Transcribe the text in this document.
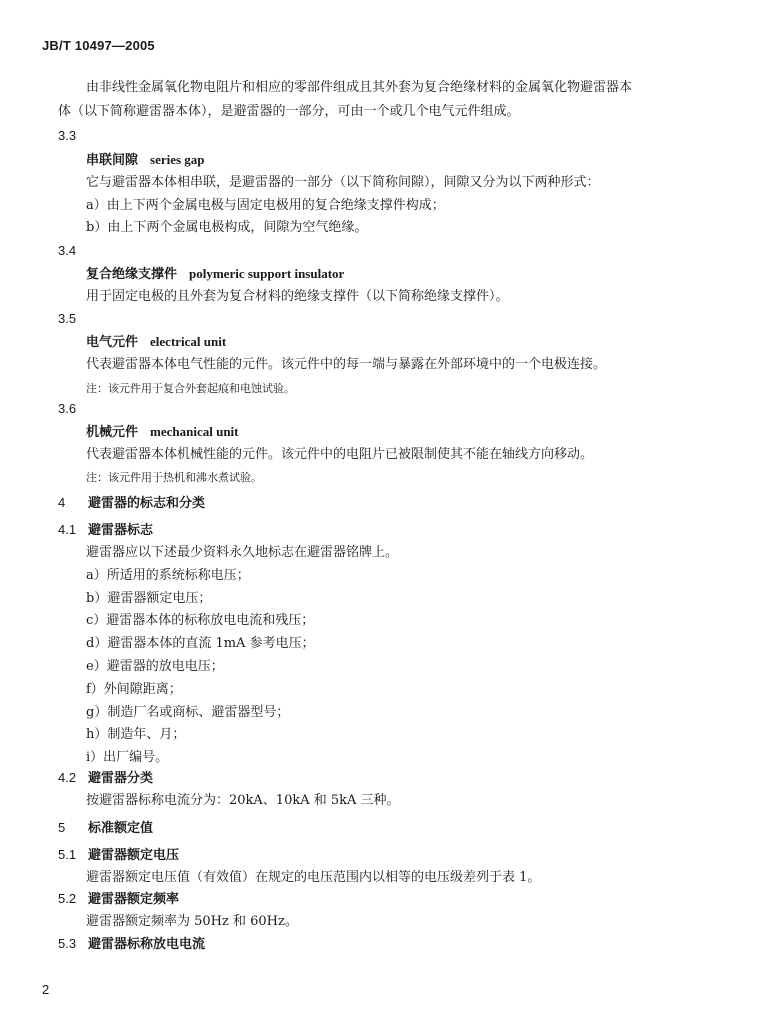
JB/T 10497—2005
由非线性金属氧化物电阻片和相应的零部件组成且其外套为复合绝缘材料的金属氧化物避雷器本
体（以下简称避雷器本体），是避雷器的一部分，可由一个或几个电气元件组成。
3.3
串联间隙 series gap
它与避雷器本体相串联，是避雷器的一部分（以下简称间隙），间隙又分为以下两种形式：
a）由上下两个金属电极与固定电极用的复合绝缘支撑件构成；
b）由上下两个金属电极构成，间隙为空气绝缘。
3.4
复合绝缘支撑件 polymeric support insulator
用于固定电极的且外套为复合材料的绝缘支撑件（以下简称绝缘支撑件）。
3.5
电气元件 electrical unit
代表避雷器本体电气性能的元件。该元件中的每一端与暴露在外部环境中的一个电极连接。
注：该元件用于复合外套起痕和电蚀试验。
3.6
机械元件 mechanical unit
代表避雷器本体机械性能的元件。该元件中的电阻片已被限制使其不能在轴线方向移动。
注：该元件用于热机和沸水煮试验。
4 避雷器的标志和分类
4.1 避雷器标志
避雷器应以下述最少资料永久地标志在避雷器铭牌上。
a）所适用的系统标称电压；
b）避雷器额定电压；
c）避雷器本体的标称放电电流和残压；
d）避雷器本体的直流 1mA 参考电压；
e）避雷器的放电电压；
f）外间隙距离；
g）制造厂名或商标、避雷器型号；
h）制造年、月；
i）出厂编号。
4.2 避雷器分类
按避雷器标称电流分为：20kA、10kA 和 5kA 三种。
5 标准额定值
5.1 避雷器额定电压
避雷器额定电压值（有效值）在规定的电压范围内以相等的电压级差列于表 1。
5.2 避雷器额定频率
避雷器额定频率为 50Hz 和 60Hz。
5.3 避雷器标称放电电流
2
